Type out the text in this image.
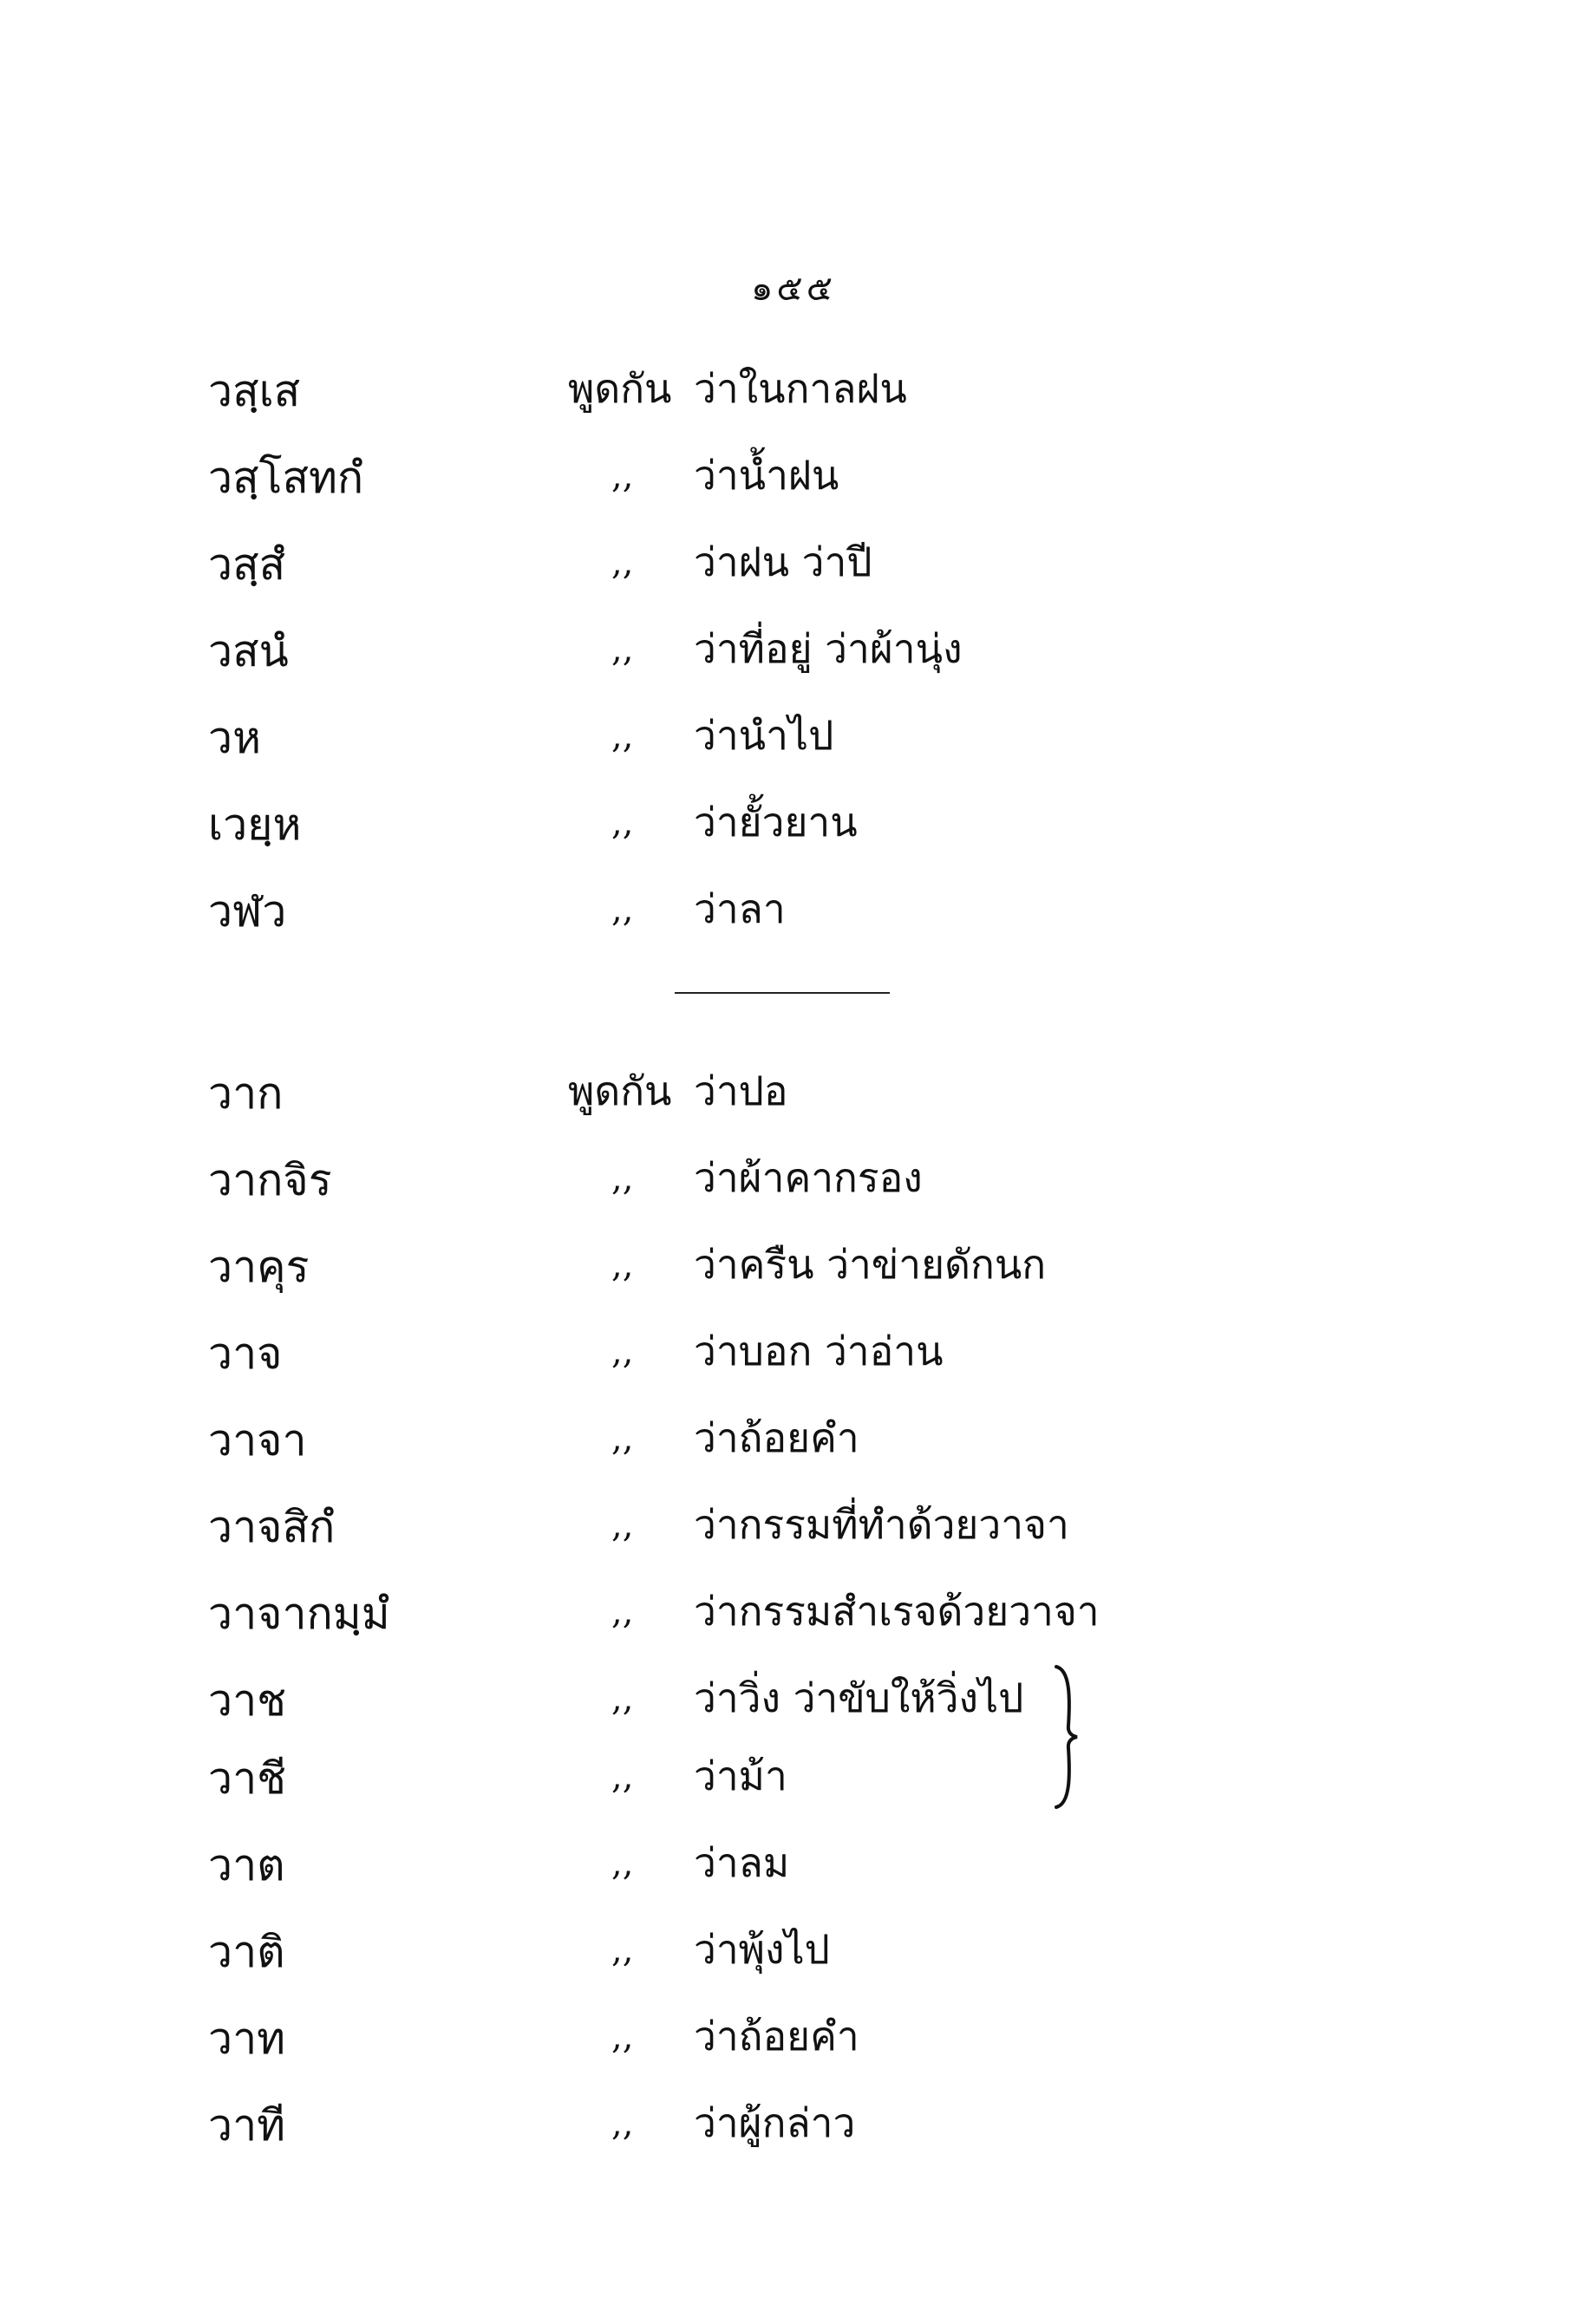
๑๕๕
วสฺเส	พูดกัน ว่าในกาลฝน
วสฺโสทกํ	,, ว่าน้ำฝน
วสฺสํ	,, ว่าฝน ว่าปี
วสนํ	,, ว่าที่อยู่ ว่าผ้านุ่ง
วห	,, ว่านำไป
เวยฺห	,, ว่ายั้วยาน
วฬว	,, ว่าลา
วาก	พูดกัน ว่าปอ
วากจิร	,, ว่าผ้าคากรอง
วาคุร	,, ว่าครืน ว่าข่ายดักนก
วาจ	,, ว่าบอก ว่าอ่าน
วาจา	,, ว่าถ้อยคำ
วาจสิกํ	,, ว่ากรรมที่ทำด้วยวาจา
วาจากมฺมํ	,, ว่ากรรมสำเรจด้วยวาจา
วาช	,, ว่าวิ่ง ว่าขับให้วิ่งไป
วาชี	,, ว่าม้า
วาต	,, ว่าลม
วาติ	,, ว่าพุ้งไป
วาท	,, ว่าถ้อยคำ
วาที	,, ว่าผู้กล่าว
